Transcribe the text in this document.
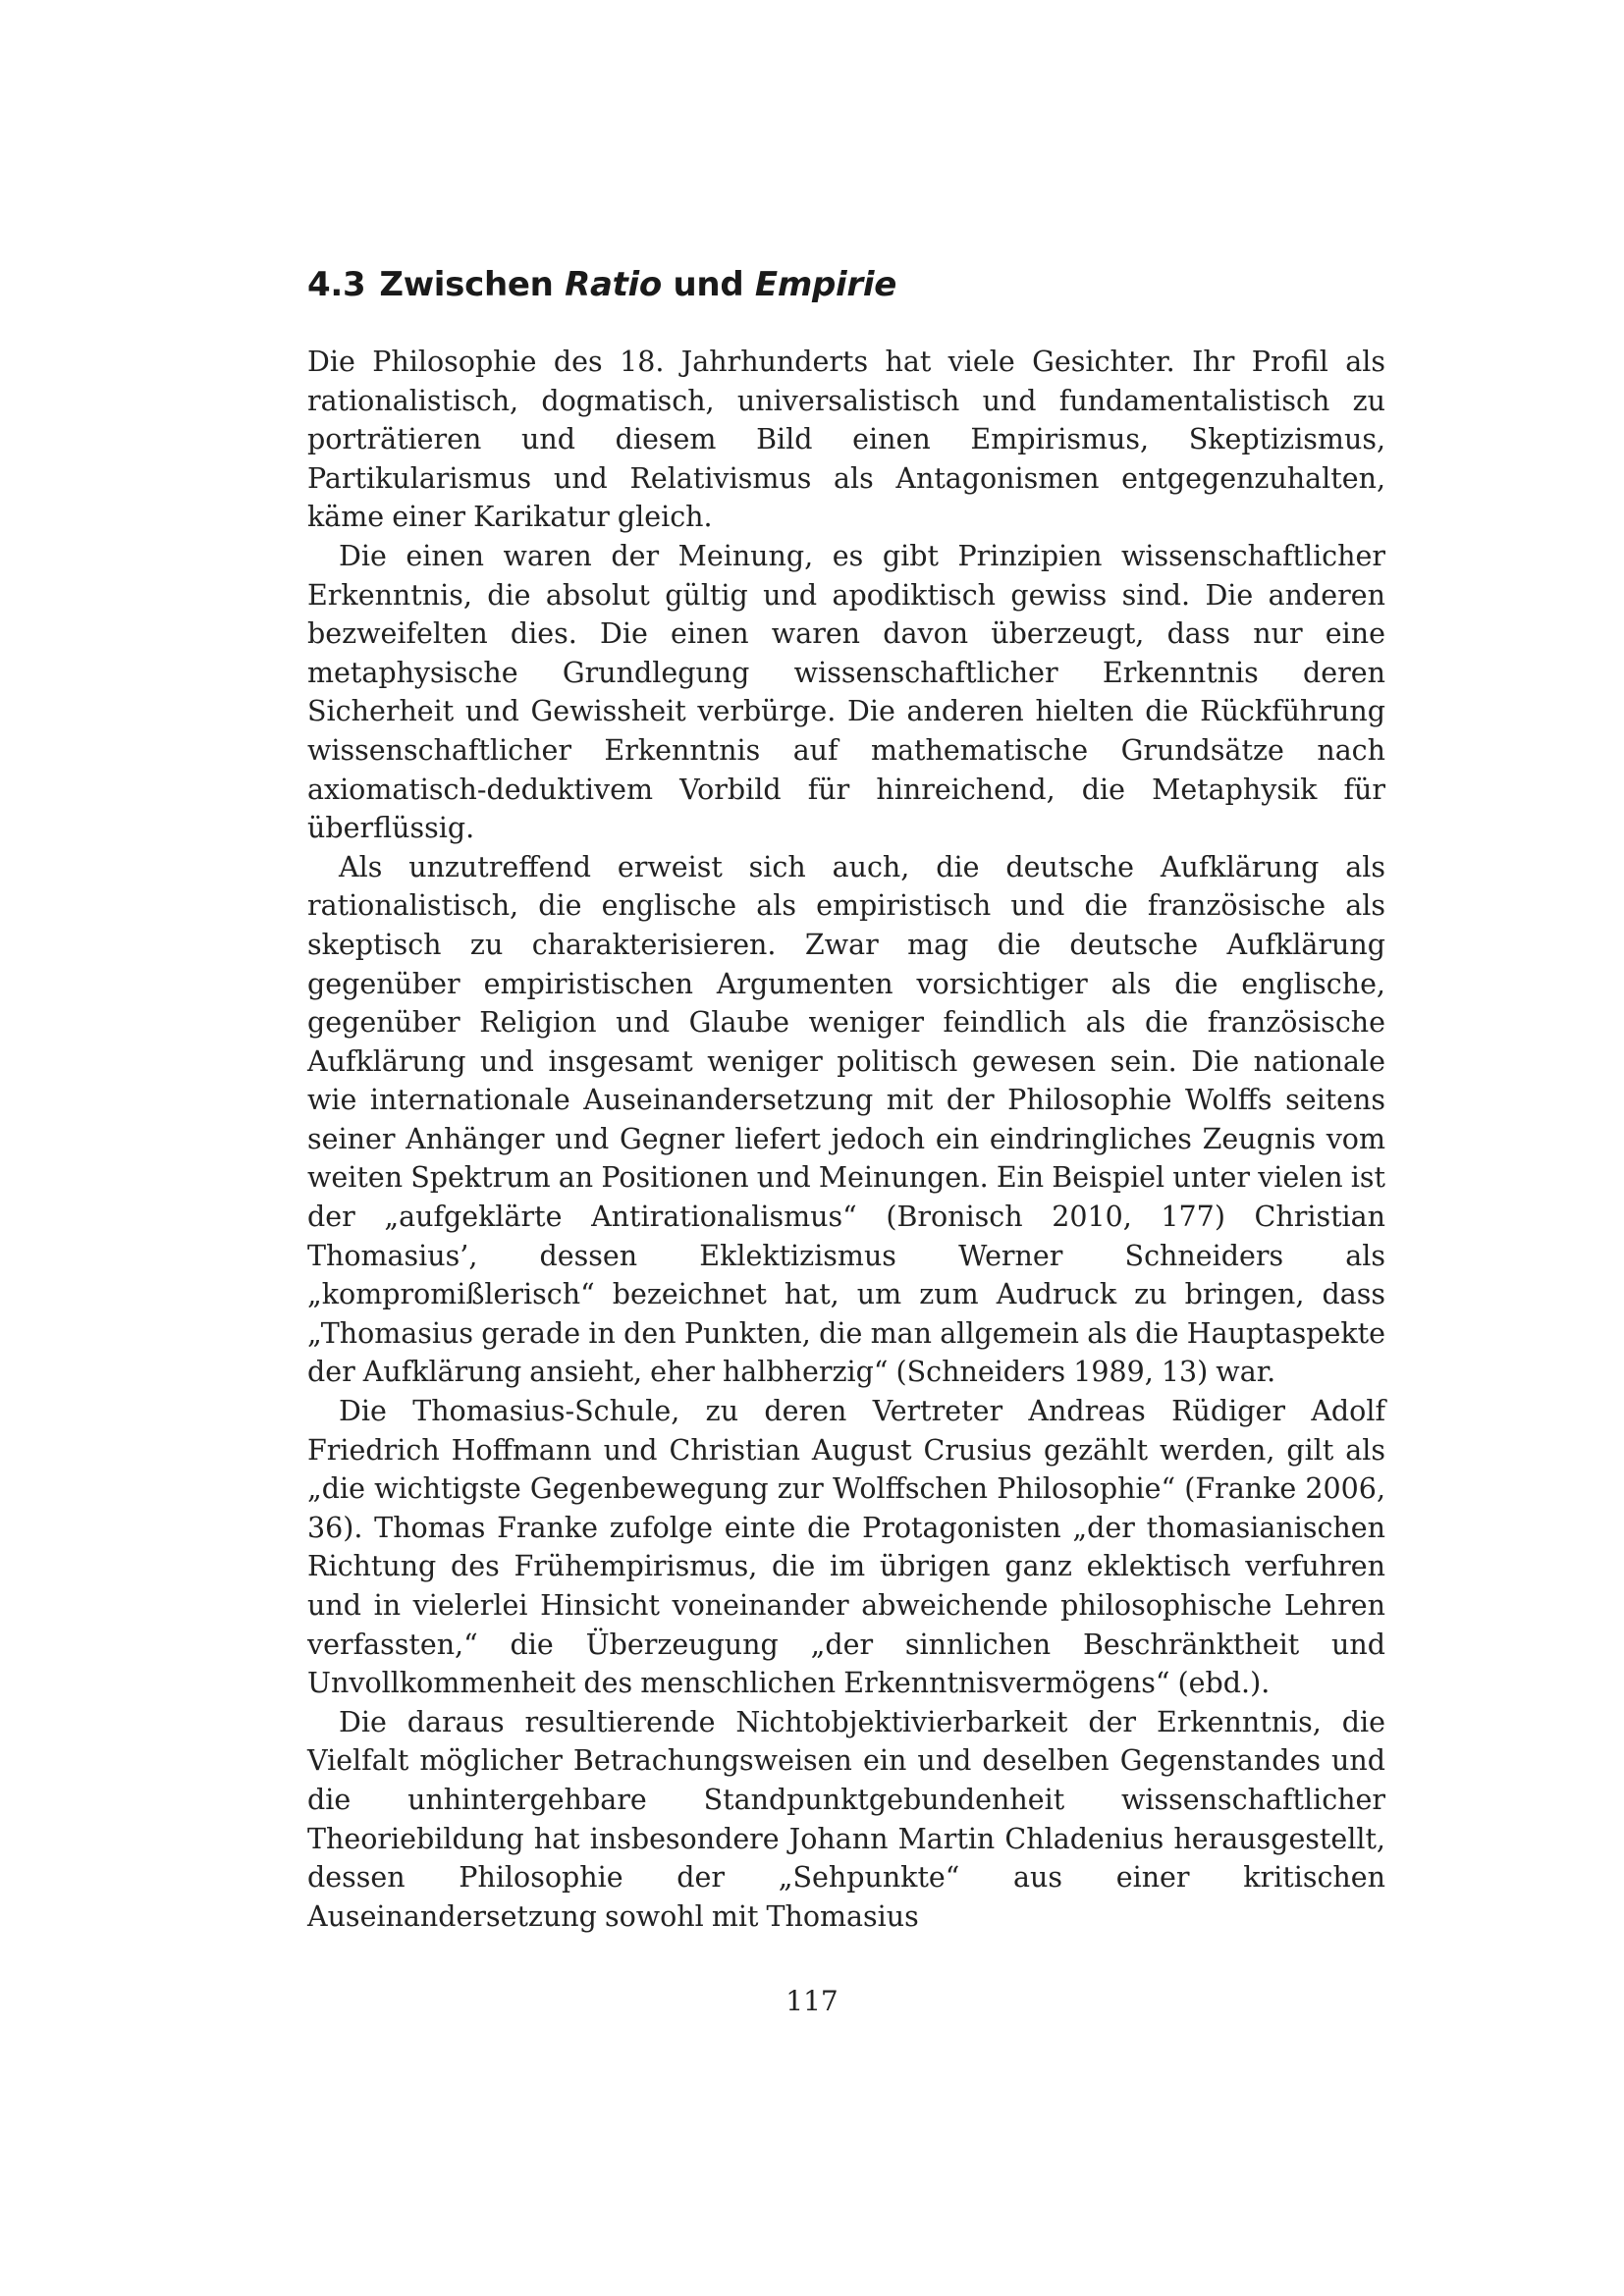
4.3 Zwischen Ratio und Empirie

Die Philosophie des 18. Jahrhunderts hat viele Gesichter. Ihr Profil als rationalistisch, dogmatisch, universalistisch und fundamentalistisch zu porträtieren und diesem Bild einen Empirismus, Skeptizismus, Partikularismus und Relativismus als Antagonismen entgegenzuhalten, käme einer Karikatur gleich.

Die einen waren der Meinung, es gibt Prinzipien wissenschaftlicher Erkenntnis, die absolut gültig und apodiktisch gewiss sind. Die anderen bezweifelten dies. Die einen waren davon überzeugt, dass nur eine metaphysische Grundlegung wissenschaftlicher Erkenntnis deren Sicherheit und Gewissheit verbürge. Die anderen hielten die Rückführung wissenschaftlicher Erkenntnis auf mathematische Grundsätze nach axiomatisch-deduktivem Vorbild für hinreichend, die Metaphysik für überflüssig.

Als unzutreffend erweist sich auch, die deutsche Aufklärung als rationalistisch, die englische als empiristisch und die französische als skeptisch zu charakterisieren. Zwar mag die deutsche Aufklärung gegenüber empiristischen Argumenten vorsichtiger als die englische, gegenüber Religion und Glaube weniger feindlich als die französische Aufklärung und insgesamt weniger politisch gewesen sein. Die nationale wie internationale Auseinandersetzung mit der Philosophie Wolffs seitens seiner Anhänger und Gegner liefert jedoch ein eindringliches Zeugnis vom weiten Spektrum an Positionen und Meinungen. Ein Beispiel unter vielen ist der „aufgeklärte Antirationalismus“ (Bronisch 2010, 177) Christian Thomasius’, dessen Eklektizismus Werner Schneiders als „kompromißlerisch“ bezeichnet hat, um zum Audruck zu bringen, dass „Thomasius gerade in den Punkten, die man allgemein als die Hauptaspekte der Aufklärung ansieht, eher halbherzig“ (Schneiders 1989, 13) war.

Die Thomasius-Schule, zu deren Vertreter Andreas Rüdiger Adolf Friedrich Hoffmann und Christian August Crusius gezählt werden, gilt als „die wichtigste Gegenbewegung zur Wolffschen Philosophie“ (Franke 2006, 36). Thomas Franke zufolge einte die Protagonisten „der thomasianischen Richtung des Frühempirismus, die im übrigen ganz eklektisch verfuhren und in vielerlei Hinsicht voneinander abweichende philosophische Lehren verfassten,“ die Überzeugung „der sinnlichen Beschränktheit und Unvollkommenheit des menschlichen Erkenntnisvermögens“ (ebd.).

Die daraus resultierende Nichtobjektivierbarkeit der Erkenntnis, die Vielfalt möglicher Betrachungsweisen ein und deselben Gegenstandes und die unhintergehbare Standpunktgebundenheit wissenschaftlicher Theoriebildung hat insbesondere Johann Martin Chladenius herausgestellt, dessen Philosophie der „Sehpunkte“ aus einer kritischen Auseinandersetzung sowohl mit Thomasius

117
